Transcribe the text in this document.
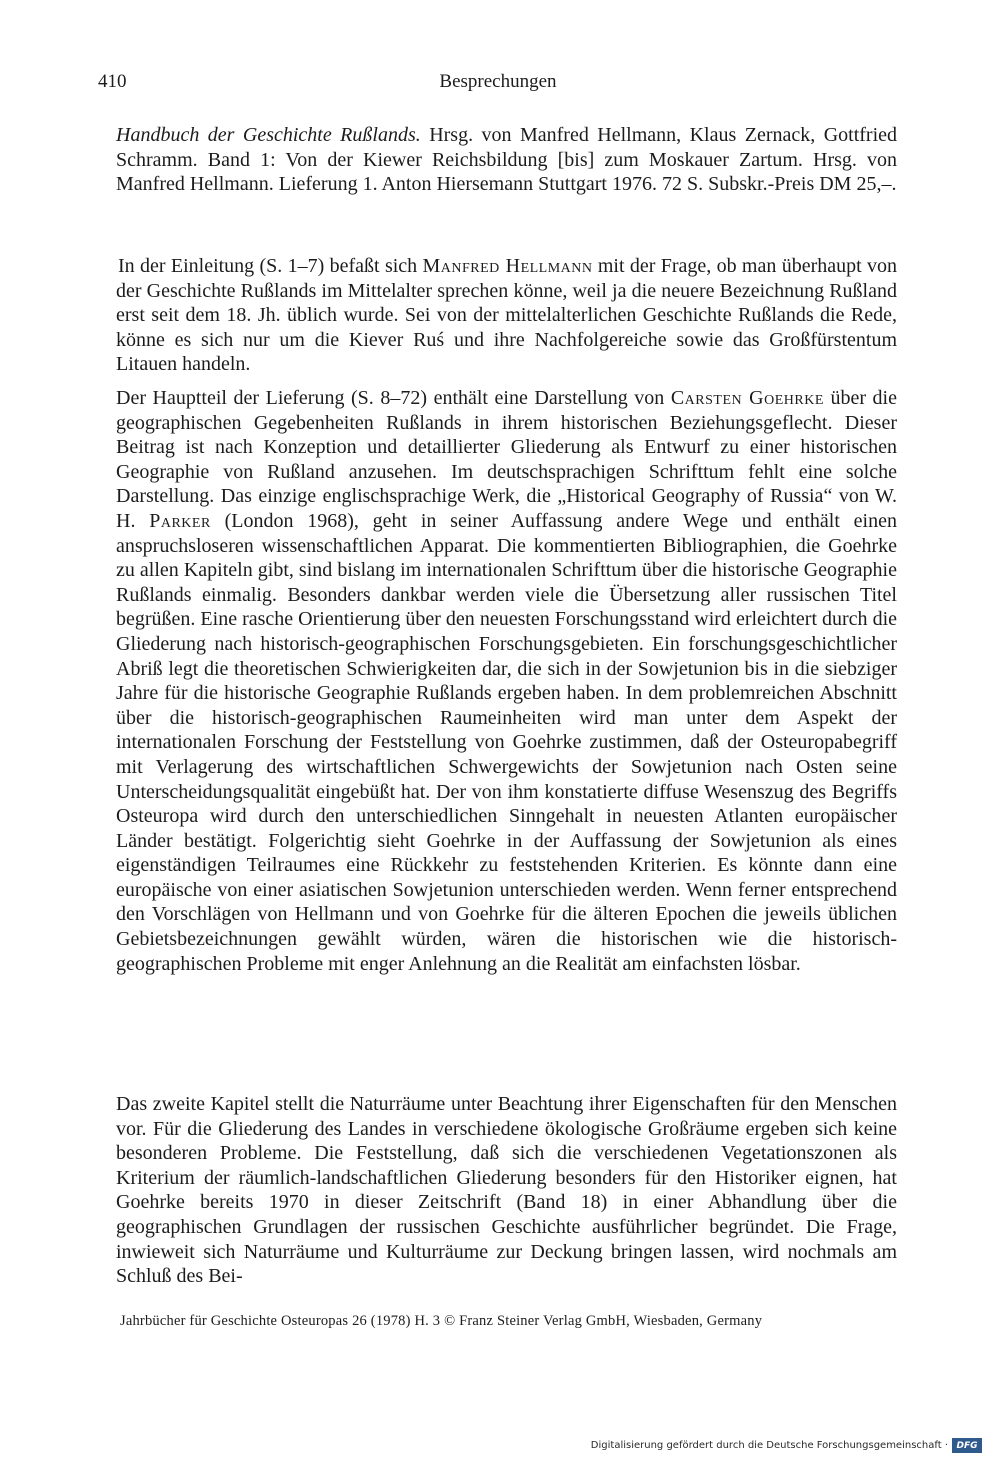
410	Besprechungen

Handbuch der Geschichte Rußlands. Hrsg. von Manfred Hellmann, Klaus Zernack, Gottfried Schramm. Band 1: Von der Kiewer Reichsbildung [bis] zum Moskauer Zartum. Hrsg. von Manfred Hellmann. Lieferung 1. Anton Hiersemann Stuttgart 1976. 72 S. Subskr.-Preis DM 25,–.

In der Einleitung (S. 1–7) befaßt sich Manfred Hellmann mit der Frage, ob man überhaupt von der Geschichte Rußlands im Mittelalter sprechen könne, weil ja die neuere Bezeichnung Rußland erst seit dem 18. Jh. üblich wurde. Sei von der mittelalterlichen Geschichte Rußlands die Rede, könne es sich nur um die Kiever Ruś und ihre Nachfolgereiche sowie das Großfürstentum Litauen handeln.

Der Hauptteil der Lieferung (S. 8–72) enthält eine Darstellung von Carsten Goehrke über die geographischen Gegebenheiten Rußlands in ihrem historischen Beziehungsgeflecht. Dieser Beitrag ist nach Konzeption und detaillierter Gliederung als Entwurf zu einer historischen Geographie von Rußland anzusehen. Im deutschsprachigen Schrifttum fehlt eine solche Darstellung. Das einzige englischsprachige Werk, die „Historical Geography of Russia“ von W. H. Parker (London 1968), geht in seiner Auffassung andere Wege und enthält einen anspruchsloseren wissenschaftlichen Apparat. Die kommentierten Bibliographien, die Goehrke zu allen Kapiteln gibt, sind bislang im internationalen Schrifttum über die historische Geographie Rußlands einmalig. Besonders dankbar werden viele die Übersetzung aller russischen Titel begrüßen. Eine rasche Orientierung über den neuesten Forschungsstand wird erleichtert durch die Gliederung nach historisch-geographischen Forschungsgebieten. Ein forschungsgeschichtlicher Abriß legt die theoretischen Schwierigkeiten dar, die sich in der Sowjetunion bis in die siebziger Jahre für die historische Geographie Rußlands ergeben haben. In dem problemreichen Abschnitt über die historisch-geographischen Raumeinheiten wird man unter dem Aspekt der internationalen Forschung der Feststellung von Goehrke zustimmen, daß der Osteuropabegriff mit Verlagerung des wirtschaftlichen Schwergewichts der Sowjetunion nach Osten seine Unterscheidungsqualität eingebüßt hat. Der von ihm konstatierte diffuse Wesenszug des Begriffs Osteuropa wird durch den unterschiedlichen Sinngehalt in neuesten Atlanten europäischer Länder bestätigt. Folgerichtig sieht Goehrke in der Auffassung der Sowjetunion als eines eigenständigen Teilraumes eine Rückkehr zu feststehenden Kriterien. Es könnte dann eine europäische von einer asiatischen Sowjetunion unterschieden werden. Wenn ferner entsprechend den Vorschlägen von Hellmann und von Goehrke für die älteren Epochen die jeweils üblichen Gebietsbezeichnungen gewählt würden, wären die historischen wie die historisch-geographischen Probleme mit enger Anlehnung an die Realität am einfachsten lösbar.

Das zweite Kapitel stellt die Naturräume unter Beachtung ihrer Eigenschaften für den Menschen vor. Für die Gliederung des Landes in verschiedene ökologische Großräume ergeben sich keine besonderen Probleme. Die Feststellung, daß sich die verschiedenen Vegetationszonen als Kriterium der räumlich-landschaftlichen Gliederung besonders für den Historiker eignen, hat Goehrke bereits 1970 in dieser Zeitschrift (Band 18) in einer Abhandlung über die geographischen Grundlagen der russischen Geschichte ausführlicher begründet. Die Frage, inwieweit sich Naturräume und Kulturräume zur Deckung bringen lassen, wird nochmals am Schluß des Bei-

Jahrbücher für Geschichte Osteuropas 26 (1978) H. 3 © Franz Steiner Verlag GmbH, Wiesbaden, Germany
Digitalisierung gefördert durch die Deutsche Forschungsgemeinschaft · DFG
